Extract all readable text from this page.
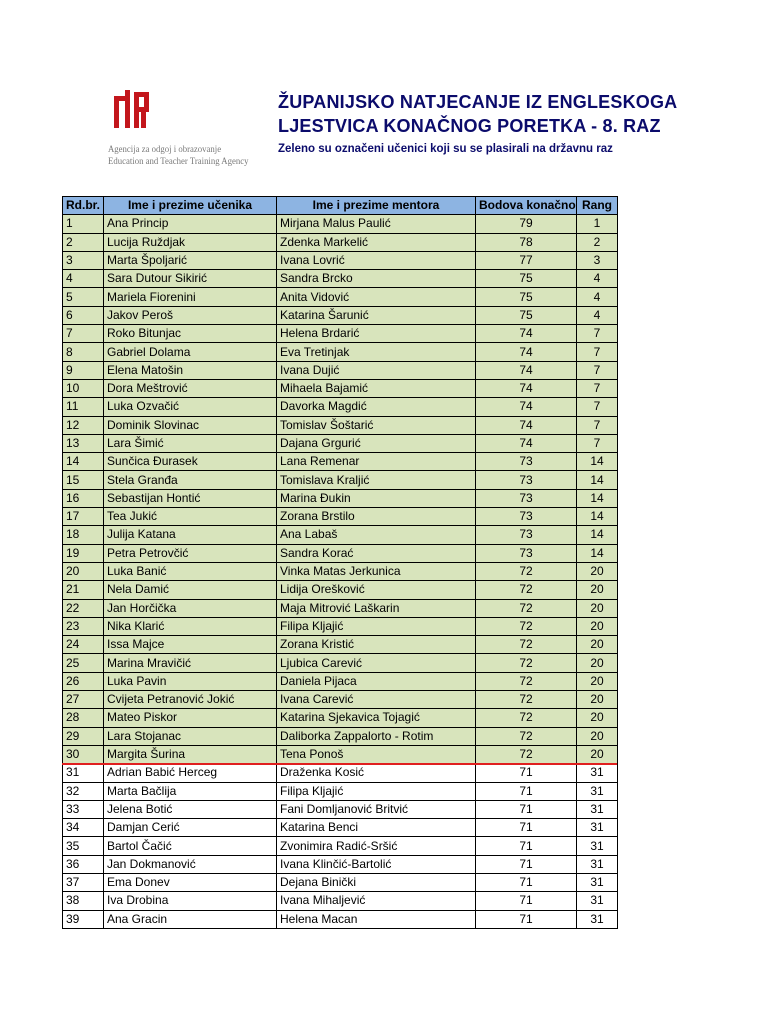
Agencija za odgoj i obrazovanje
Education and Teacher Training Agency
ŽUPANIJSKO NATJECANJE IZ ENGLESKOGA
LJESTVICA KONAČNOG PORETKA - 8. RAZ
Zeleno su označeni učenici koji su se plasirali na državnu raz
Rd.br.	Ime i prezime učenika	Ime i prezime mentora	Bodova konačno	Rang
1	Ana Princip	Mirjana Malus Paulić	79	1
2	Lucija Ruždjak	Zdenka Markelić	78	2
3	Marta Špoljarić	Ivana Lovrić	77	3
4	Sara Dutour Sikirić	Sandra Brcko	75	4
5	Mariela Fiorenini	Anita Vidović	75	4
6	Jakov Peroš	Katarina Šarunić	75	4
7	Roko Bitunjac	Helena Brdarić	74	7
8	Gabriel Dolama	Eva Tretinjak	74	7
9	Elena Matošin	Ivana Dujić	74	7
10	Dora Meštrović	Mihaela Bajamić	74	7
11	Luka Ozvačić	Davorka Magdić	74	7
12	Dominik Slovinac	Tomislav Šoštarić	74	7
13	Lara Šimić	Dajana Grgurić	74	7
14	Sunčica Đurasek	Lana Remenar	73	14
15	Stela Granđa	Tomislava Kraljić	73	14
16	Sebastijan Hontić	Marina Đukin	73	14
17	Tea Jukić	Zorana Brstilo	73	14
18	Julija Katana	Ana Labaš	73	14
19	Petra Petrovčić	Sandra Korać	73	14
20	Luka Banić	Vinka Matas Jerkunica	72	20
21	Nela Damić	Lidija Orešković	72	20
22	Jan Horčička	Maja Mitrović Laškarin	72	20
23	Nika Klarić	Filipa Kljajić	72	20
24	Issa Majce	Zorana Kristić	72	20
25	Marina Mravičić	Ljubica Carević	72	20
26	Luka Pavin	Daniela Pijaca	72	20
27	Cvijeta Petranović Jokić	Ivana Carević	72	20
28	Mateo Piskor	Katarina Sjekavica Tojagić	72	20
29	Lara Stojanac	Daliborka Zappalorto - Rotim	72	20
30	Margita Šurina	Tena Ponoš	72	20
31	Adrian Babić Herceg	Draženka Kosić	71	31
32	Marta Bačlija	Filipa Kljajić	71	31
33	Jelena Botić	Fani Domljanović Britvić	71	31
34	Damjan Cerić	Katarina Benci	71	31
35	Bartol Čačić	Zvonimira Radić-Sršić	71	31
36	Jan Dokmanović	Ivana Klinčić-Bartolić	71	31
37	Ema Donev	Dejana Binički	71	31
38	Iva Drobina	Ivana Mihaljević	71	31
39	Ana Gracin	Helena Macan	71	31
